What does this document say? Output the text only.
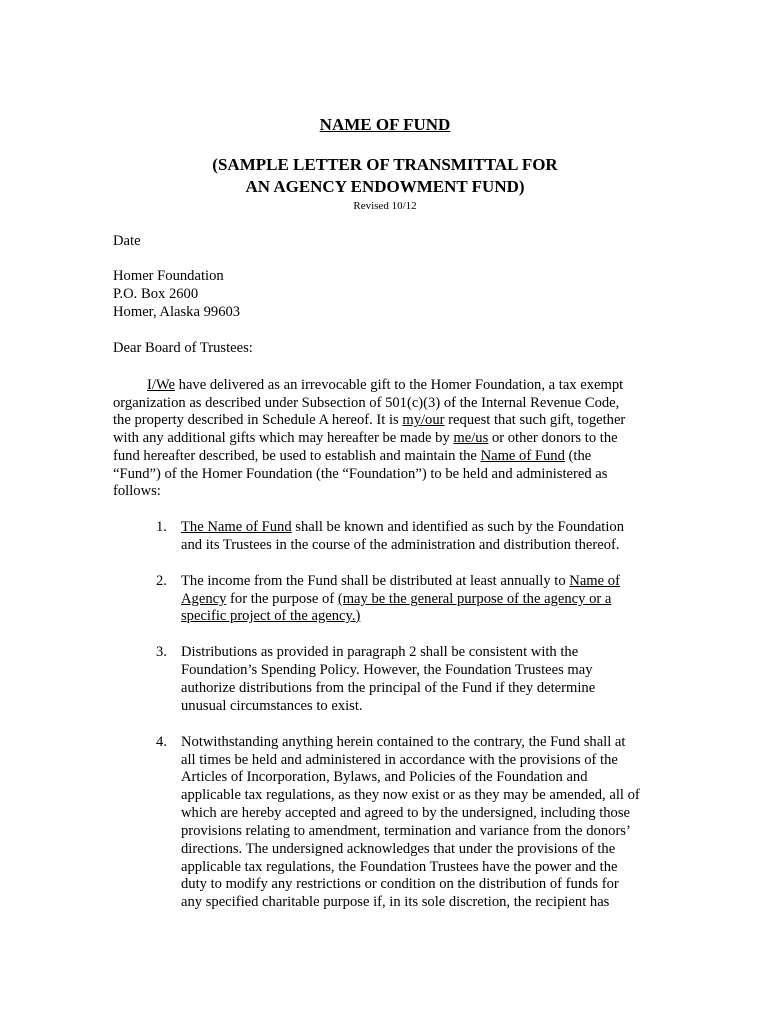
NAME OF FUND
(SAMPLE LETTER OF TRANSMITTAL FOR
AN AGENCY ENDOWMENT FUND)
Revised 10/12
Date
Homer Foundation
P.O. Box 2600
Homer, Alaska 99603
Dear Board of Trustees:
I/We have delivered as an irrevocable gift to the Homer Foundation, a tax exempt
organization as described under Subsection of 501(c)(3) of the Internal Revenue Code,
the property described in Schedule A hereof. It is my/our request that such gift, together
with any additional gifts which may hereafter be made by me/us or other donors to the
fund hereafter described, be used to establish and maintain the Name of Fund (the
“Fund”) of the Homer Foundation (the “Foundation”) to be held and administered as
follows:
1. The Name of Fund shall be known and identified as such by the Foundation
and its Trustees in the course of the administration and distribution thereof.
2. The income from the Fund shall be distributed at least annually to Name of
Agency for the purpose of (may be the general purpose of the agency or a
specific project of the agency.)
3. Distributions as provided in paragraph 2 shall be consistent with the
Foundation’s Spending Policy. However, the Foundation Trustees may
authorize distributions from the principal of the Fund if they determine
unusual circumstances to exist.
4. Notwithstanding anything herein contained to the contrary, the Fund shall at
all times be held and administered in accordance with the provisions of the
Articles of Incorporation, Bylaws, and Policies of the Foundation and
applicable tax regulations, as they now exist or as they may be amended, all of
which are hereby accepted and agreed to by the undersigned, including those
provisions relating to amendment, termination and variance from the donors’
directions. The undersigned acknowledges that under the provisions of the
applicable tax regulations, the Foundation Trustees have the power and the
duty to modify any restrictions or condition on the distribution of funds for
any specified charitable purpose if, in its sole discretion, the recipient has
